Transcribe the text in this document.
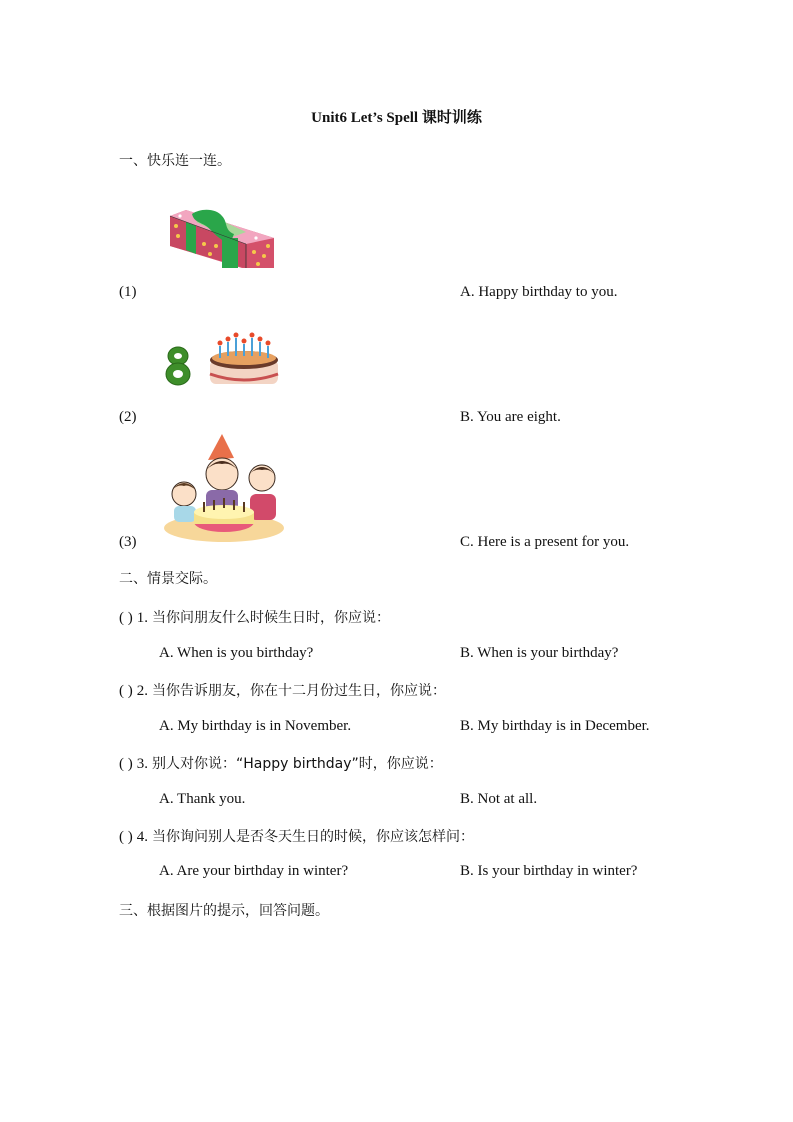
Unit6 Let’s Spell 课时训练
一、快乐连一连。
(1)	A. Happy birthday to you.
(2)	B. You are eight.
(3)	C. Here is a present for you.
二、情景交际。
( ) 1. 当你问朋友什么时候生日时，你应说：
A. When is you birthday?	B. When is your birthday?
( ) 2. 当你告诉朋友，你在十二月份过生日，你应说：
A. My birthday is in November.	B. My birthday is in December.
( ) 3. 别人对你说：“Happy birthday”时，你应说：
A. Thank you.	B. Not at all.
( ) 4. 当你询问别人是否冬天生日的时候，你应该怎样问：
A. Are your birthday in winter?	B. Is your birthday in winter?
三、根据图片的提示，回答问题。
